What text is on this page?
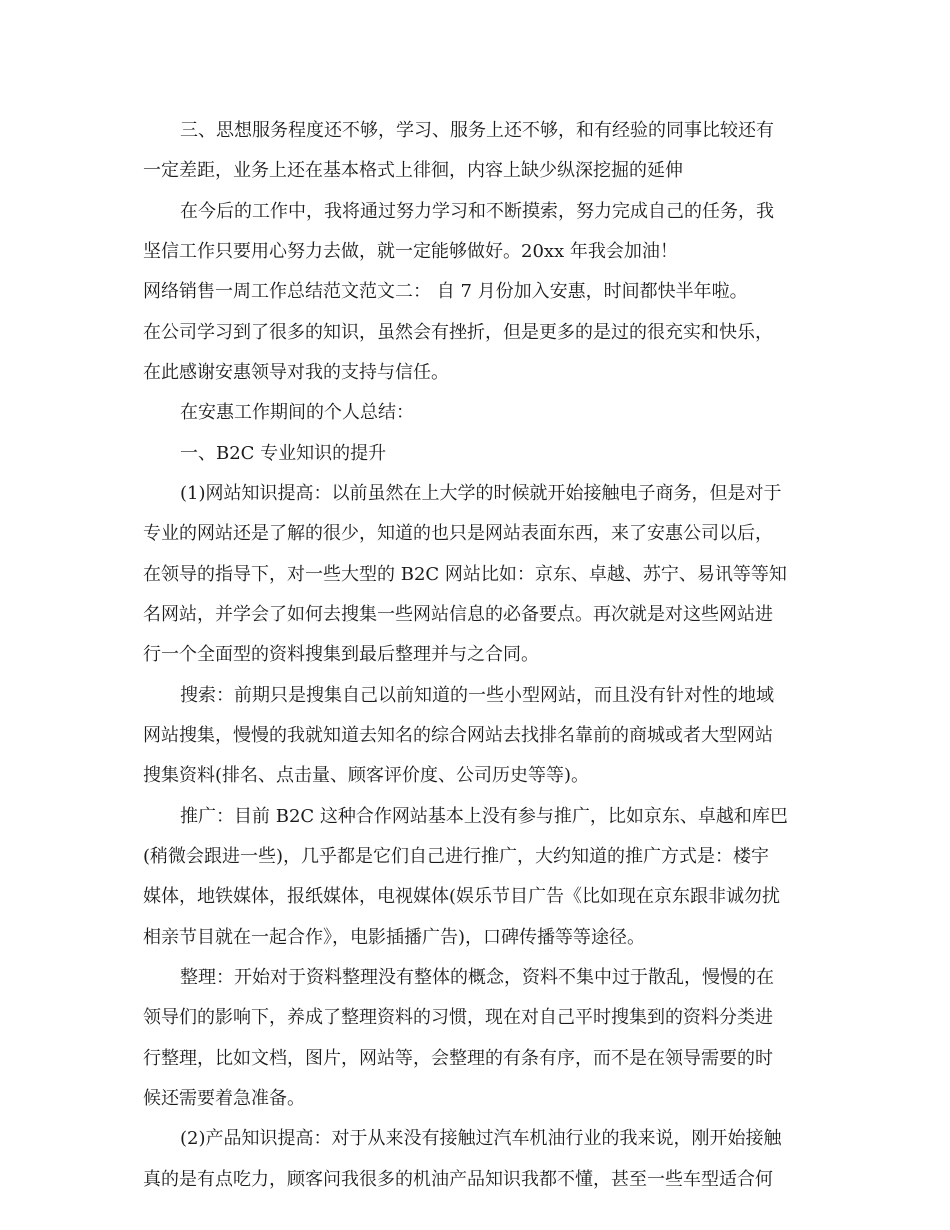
三、思想服务程度还不够，学习、服务上还不够，和有经验的同事比较还有
一定差距，业务上还在基本格式上徘徊，内容上缺少纵深挖掘的延伸
在今后的工作中，我将通过努力学习和不断摸索，努力完成自己的任务，我
坚信工作只要用心努力去做，就一定能够做好。20xx 年我会加油！
网络销售一周工作总结范文范文二： 自 7 月份加入安惠，时间都快半年啦。
在公司学习到了很多的知识，虽然会有挫折，但是更多的是过的很充实和快乐，
在此感谢安惠领导对我的支持与信任。
在安惠工作期间的个人总结：
一、B2C 专业知识的提升
(1)网站知识提高：以前虽然在上大学的时候就开始接触电子商务，但是对于
专业的网站还是了解的很少，知道的也只是网站表面东西，来了安惠公司以后，
在领导的指导下，对一些大型的 B2C 网站比如：京东、卓越、苏宁、易讯等等知
名网站，并学会了如何去搜集一些网站信息的必备要点。再次就是对这些网站进
行一个全面型的资料搜集到最后整理并与之合同。
搜索：前期只是搜集自己以前知道的一些小型网站，而且没有针对性的地域
网站搜集，慢慢的我就知道去知名的综合网站去找排名靠前的商城或者大型网站
搜集资料(排名、点击量、顾客评价度、公司历史等等)。
推广：目前 B2C 这种合作网站基本上没有参与推广，比如京东、卓越和库巴
(稍微会跟进一些)，几乎都是它们自己进行推广，大约知道的推广方式是：楼宇
媒体，地铁媒体，报纸媒体，电视媒体(娱乐节目广告《比如现在京东跟非诚勿扰
相亲节目就在一起合作》，电影插播广告)，口碑传播等等途径。
整理：开始对于资料整理没有整体的概念，资料不集中过于散乱，慢慢的在
领导们的影响下，养成了整理资料的习惯，现在对自己平时搜集到的资料分类进
行整理，比如文档，图片，网站等，会整理的有条有序，而不是在领导需要的时
候还需要着急准备。
(2)产品知识提高：对于从来没有接触过汽车机油行业的我来说，刚开始接触
真的是有点吃力，顾客问我很多的机油产品知识我都不懂，甚至一些车型适合何
